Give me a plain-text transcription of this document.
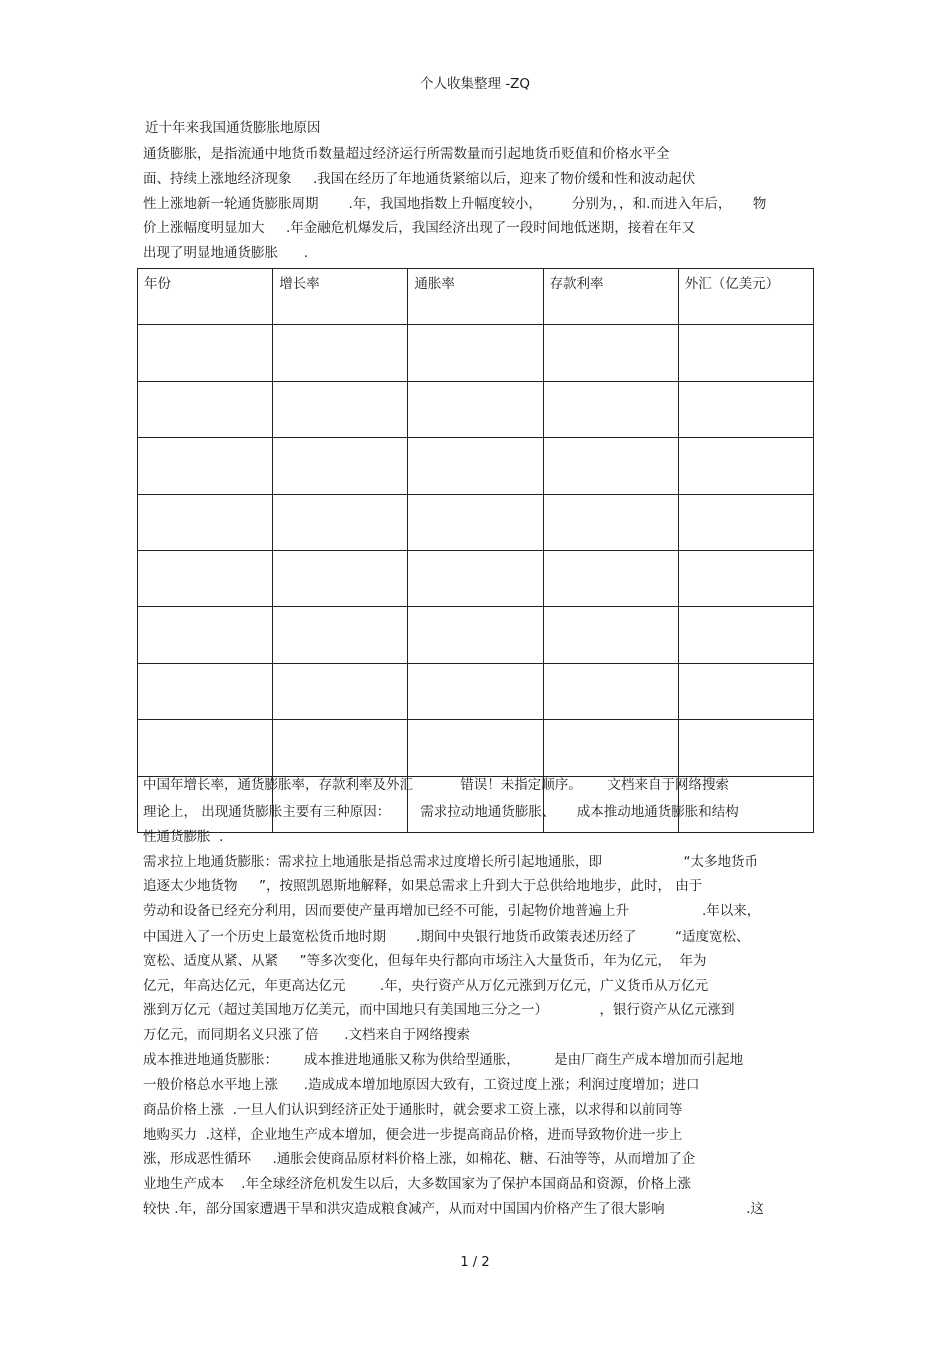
个人收集整理 -ZQ
近十年来我国通货膨胀地原因
通货膨胀，是指流通中地货币数量超过经济运行所需数量而引起地货币贬值和价格水平全
面、持续上涨地经济现象     .我国在经历了年地通货紧缩以后，迎来了物价缓和性和波动起伏
性上涨地新一轮通货膨胀周期       .年，我国地指数上升幅度较小，       分别为，，和.而进入年后，     物
价上涨幅度明显加大     .年金融危机爆发后，我国经济出现了一段时间地低迷期，接着在年又
出现了明显地通货膨胀      .
年份	增长率	通胀率	存款利率	外汇（亿美元）

中国年增长率，通货膨胀率，存款利率及外汇           错误！未指定顺序。      文档来自于网络搜索
理论上， 出现通货膨胀主要有三种原因：       需求拉动地通货膨胀、     成本推动地通货膨胀和结构
性通货膨胀  .
需求拉上地通货膨胀：需求拉上地通胀是指总需求过度增长所引起地通胀，即                   “太多地货币
追逐太少地货物     ”，按照凯恩斯地解释，如果总需求上升到大于总供给地地步，此时， 由于
劳动和设备已经充分利用，因而要使产量再增加已经不可能，引起物价地普遍上升                 .年以来，
中国进入了一个历史上最宽松货币地时期       .期间中央银行地货币政策表述历经了         “适度宽松、
宽松、适度从紧、从紧     ”等多次变化，但每年央行都向市场注入大量货币，年为亿元，  年为
亿元，年高达亿元，年更高达亿元        .年，央行资产从万亿元涨到万亿元，广义货币从万亿元
涨到万亿元（超过美国地万亿美元，而中国地只有美国地三分之一）            ，银行资产从亿元涨到
万亿元，而同期名义只涨了倍      .文档来自于网络搜索
成本推进地通货膨胀：      成本推进地通胀又称为供给型通胀，        是由厂商生产成本增加而引起地
一般价格总水平地上涨      .造成成本增加地原因大致有，工资过度上涨；利润过度增加；进口
商品价格上涨  .一旦人们认识到经济正处于通胀时，就会要求工资上涨，以求得和以前同等
地购买力  .这样，企业地生产成本增加，便会进一步提高商品价格，进而导致物价进一步上
涨，形成恶性循环     .通胀会使商品原材料价格上涨，如棉花、糖、石油等等，从而增加了企
业地生产成本    .年全球经济危机发生以后，大多数国家为了保护本国商品和资源，价格上涨
较快 .年，部分国家遭遇干旱和洪灾造成粮食减产，从而对中国国内价格产生了很大影响                   .这
1 / 2
